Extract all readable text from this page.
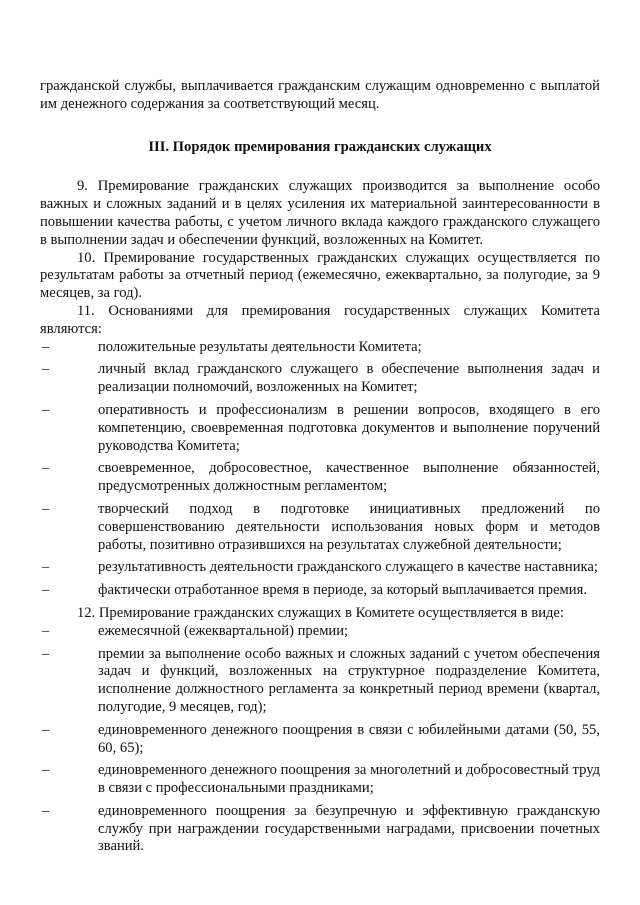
гражданской службы, выплачивается гражданским служащим одновременно с выплатой им денежного содержания за соответствующий месяц.

III. Порядок премирования гражданских служащих

9. Премирование гражданских служащих производится за выполнение особо важных и сложных заданий и в целях усиления их материальной заинтересованности в повышении качества работы, с учетом личного вклада каждого гражданского служащего в выполнении задач и обеспечении функций, возложенных на Комитет.

10. Премирование государственных гражданских служащих осуществляется по результатам работы за отчетный период (ежемесячно, ежеквартально, за полугодие, за 9 месяцев, за год).

11. Основаниями для премирования государственных служащих Комитета являются:

положительные результаты деятельности Комитета;
личный вклад гражданского служащего в обеспечение выполнения задач и реализации полномочий, возложенных на Комитет;
оперативность и профессионализм в решении вопросов, входящего в его компетенцию, своевременная подготовка документов и выполнение поручений руководства Комитета;
своевременное, добросовестное, качественное выполнение обязанностей, предусмотренных должностным регламентом;
творческий подход в подготовке инициативных предложений по совершенствованию деятельности использования новых форм и методов работы, позитивно отразившихся на результатах служебной деятельности;
результативность деятельности гражданского служащего в качестве наставника;
фактически отработанное время в периоде, за который выплачивается премия.

12. Премирование гражданских служащих в Комитете осуществляется в виде:

ежемесячной (ежеквартальной) премии;
премии за выполнение особо важных и сложных заданий с учетом обеспечения задач и функций, возложенных на структурное подразделение Комитета, исполнение должностного регламента за конкретный период времени (квартал, полугодие, 9 месяцев, год);
единовременного денежного поощрения в связи с юбилейными датами (50, 55, 60, 65);
единовременного денежного поощрения за многолетний и добросовестный труд в связи с профессиональными праздниками;
единовременного поощрения за безупречную и эффективную гражданскую службу при награждении государственными наградами, присвоении почетных званий.
